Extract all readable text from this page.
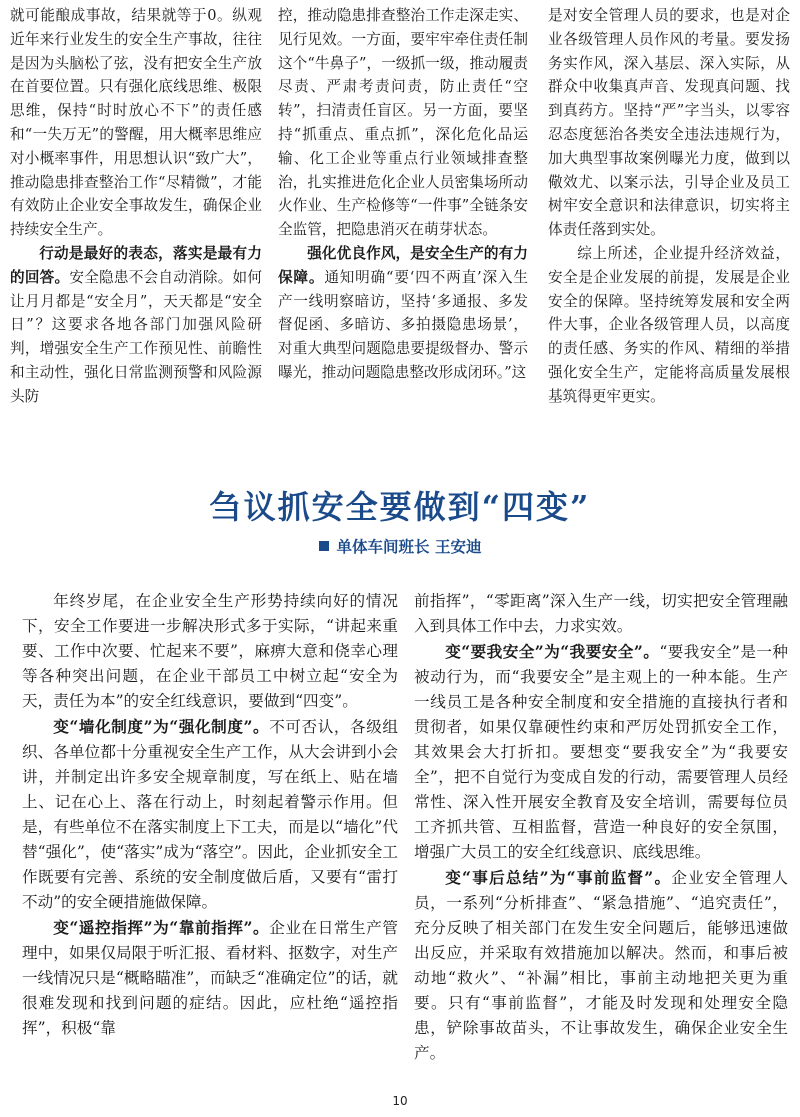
就可能酿成事故，结果就等于0。纵观近年来行业发生的安全生产事故，往往是因为头脑松了弦，没有把安全生产放在首要位置。只有强化底线思维、极限思维，保持“时时放心不下”的责任感和“一失万无”的警醒，用大概率思维应对小概率事件，用思想认识“致广大”，推动隐患排查整治工作“尽精微”，才能有效防止企业安全事故发生，确保企业持续安全生产。

行动是最好的表态，落实是最有力的回答。安全隐患不会自动消除。如何让月月都是“安全月”，天天都是“安全日”？这要求各地各部门加强风险研判，增强安全生产工作预见性、前瞻性和主动性，强化日常监测预警和风险源头防

控，推动隐患排查整治工作走深走实、见行见效。一方面，要牢牢牵住责任制这个“牛鼻子”，一级抓一级，推动履责尽责、严肃考责问责，防止责任“空转”，扫清责任盲区。另一方面，要坚持“抓重点、重点抓”，深化危化品运输、化工企业等重点行业领域排查整治，扎实推进危化企业人员密集场所动火作业、生产检修等“一件事”全链条安全监管，把隐患消灭在萌芽状态。

强化优良作风，是安全生产的有力保障。通知明确“要‘四不两直’深入生产一线明察暗访，坚持‘多通报、多发督促函、多暗访、多拍摄隐患场景’，对重大典型问题隐患要提级督办、警示曝光，推动问题隐患整改形成闭环。”这

是对安全管理人员的要求，也是对企业各级管理人员作风的考量。要发扬务实作风，深入基层、深入实际，从群众中收集真声音、发现真问题、找到真药方。坚持“严”字当头，以零容忍态度惩治各类安全违法违规行为，加大典型事故案例曝光力度，做到以儆效尤、以案示法，引导企业及员工树牢安全意识和法律意识，切实将主体责任落到实处。

综上所述，企业提升经济效益，安全是企业发展的前提，发展是企业安全的保障。坚持统筹发展和安全两件大事，企业各级管理人员，以高度的责任感、务实的作风、精细的举措强化安全生产，定能将高质量发展根基筑得更牢更实。

刍议抓安全要做到“四变”
单体车间班长 王安迪

年终岁尾，在企业安全生产形势持续向好的情况下，安全工作要进一步解决形式多于实际，“讲起来重要、工作中次要、忙起来不要”，麻痹大意和侥幸心理等各种突出问题，在企业干部员工中树立起“安全为天，责任为本”的安全红线意识，要做到“四变”。

变“墙化制度”为“强化制度”。不可否认，各级组织、各单位都十分重视安全生产工作，从大会讲到小会讲，并制定出许多安全规章制度，写在纸上、贴在墙上、记在心上、落在行动上，时刻起着警示作用。但是，有些单位不在落实制度上下工夫，而是以“墙化”代替“强化”，使“落实”成为“落空”。因此，企业抓安全工作既要有完善、系统的安全制度做后盾，又要有“雷打不动”的安全硬措施做保障。

变“遥控指挥”为“靠前指挥”。企业在日常生产管理中，如果仅局限于听汇报、看材料、抠数字，对生产一线情况只是“概略瞄准”，而缺乏“准确定位”的话，就很难发现和找到问题的症结。因此，应杜绝“遥控指挥”，积极“靠

前指挥”，“零距离”深入生产一线，切实把安全管理融入到具体工作中去，力求实效。

变“要我安全”为“我要安全”。“要我安全”是一种被动行为，而“我要安全”是主观上的一种本能。生产一线员工是各种安全制度和安全措施的直接执行者和贯彻者，如果仅靠硬性约束和严厉处罚抓安全工作，其效果会大打折扣。要想变“要我安全”为“我要安全”，把不自觉行为变成自发的行动，需要管理人员经常性、深入性开展安全教育及安全培训，需要每位员工齐抓共管、互相监督，营造一种良好的安全氛围，增强广大员工的安全红线意识、底线思维。

变“事后总结”为“事前监督”。企业安全管理人员，一系列“分析排查”、“紧急措施”、“追究责任”，充分反映了相关部门在发生安全问题后，能够迅速做出反应，并采取有效措施加以解决。然而，和事后被动地“救火”、“补漏”相比，事前主动地把关更为重要。只有“事前监督”，才能及时发现和处理安全隐患，铲除事故苗头，不让事故发生，确保企业安全生产。

10
